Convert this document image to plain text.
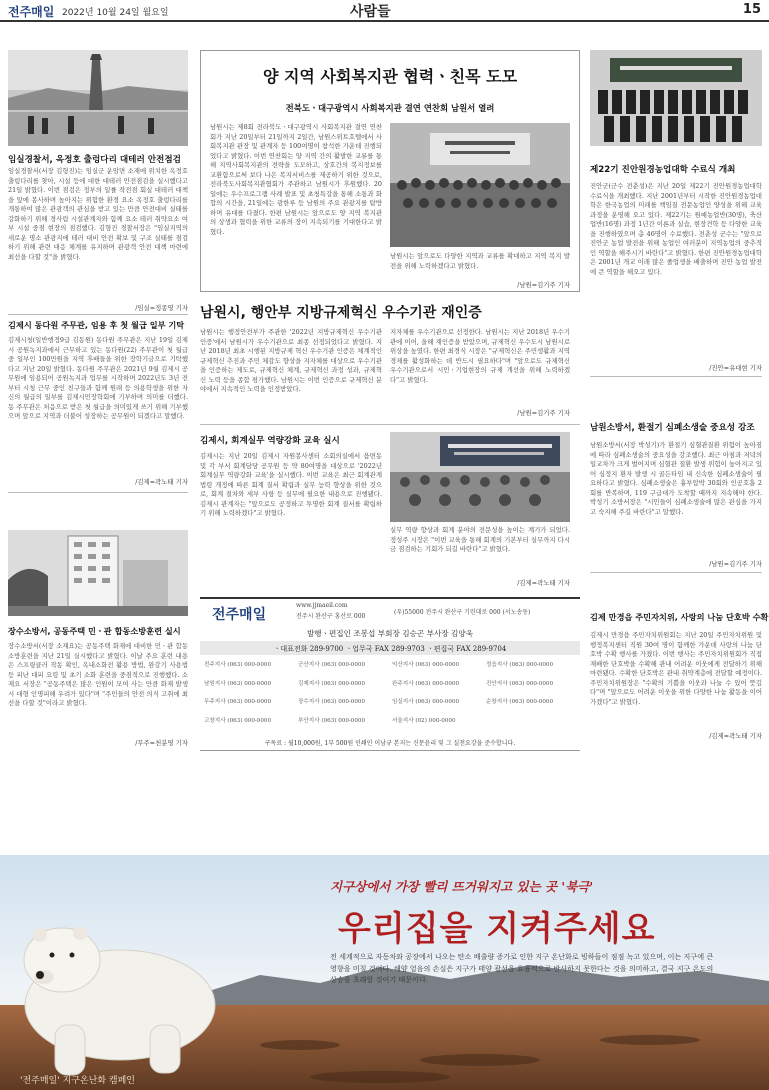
전주매일 2022년 10월 24일 월요일	사람들	15
임실경찰서, 옥정호 출렁다리 대테러 안전점검
임실경찰서(서장 김형진)는 임실군 운암면 소재에 위치한 옥정호 출렁다리를 찾아, 시설 등에 대한 대테러 안전점검을 실시했다고 21일 밝혔다. 이번 점검은 정부의 일률 작전점 회실 대테러 대책을 앞에 봉사하며 높아지는 위험한 환경 요소 옥정호 출렁다리를 개통하여 많은 관광객의 관심을 받고 있는 만큼 안전대비 실태를 강화하기 위해 경사림 시설관계자와 함께 요소 테러 취약요소 여부 시설 중점 현장의 점검했다. 김형진 경찰서장은 "임실지역의 새로운 명소 관광지에 테러 대비 안전 확보 및 구조 실태를 점검하기 위해 관련 대응 체계를 유지하며 관광객 안전 대책 마련에 최선을 다할 것"을 밝혔다.
/임실=정종영 기자
김제시 동다원 주무관, 임용 후 첫 월급 일부 기탁
김제시청(일반행정9급 김동원) 동다원 주무관은 지난 19일 김제시 공원녹지과에서 근무하고 있는 동다원(22) 주무관이 첫 월급중 일부인 100만원을 지역 후배들을 위한 장학기금으로 기탁했다고 지난 20일 밝혔다. 동다원 주무관은 2021년 9월 김제시 공무원에 임용되어 공원녹지과 업무를 시작하며 2022년도 3년 전부터 시청 근무 중인 친구들과 함께 원래 등 의용학생을 위한 자신의 월급의 일부를 김제시민장학회에 기부하며 의미를 더했다. 동 주무관은 처음으로 받은 첫 월급을 의미있게 쓰기 위해 기부했으며 앞으로 지역과 더불어 성장하는 공무원이 되겠다고 말했다.
/김제=곽노태 기자
장수소방서, 공동주택 민ㆍ관 합동소방훈련 실시
장수소방서(서장 소재요)는 공동주택 화재에 대비한 민ㆍ관 합동소방훈련을 지난 21일 실시했다고 밝혔다. 이날 주요 훈련 내용은 스프링클러 작동 확인, 옥내소화전 활용 방법, 완강기 사용법 등 피난 대피 요령 및 초기 소화 훈련을 중점적으로 진행했다. 소재요 서장은 "공동주택은 많은 인원이 모여 사는 만큼 화재 발생 시 대형 인명피해 우려가 있다"며 "주민들의 안전 의식 고취에 최선을 다할 것"이라고 밝혔다.
/무주=천분영 기자
양 지역 사회복지관 협력ㆍ친목 도모
전북도ㆍ대구광역시 사회복지관 결연 연찬회 남원서 열려
남원시는 제8회 전라북도ㆍ대구광역시 사회복지관 결연 연찬회가 지난 20일부터 21일까지 2일간, 남원스위트호텔에서 사회복지관 관장 및 관계자 등 100여명이 참석한 가운데 진행되었다고 밝혔다. 이번 연찬회는 양 지역 간의 활발한 교류를 통해 지역사회복지관의 전략을 도모하고, 상호간의 복지정보를 교환함으로써 보다 나은 복지서비스를 제공하기 위한 것으로, 전라북도사회복지관협회가 주관하고 남원시가 후원했다. 20일에는 우수프로그램 사례 발표 및 초청특강을 통해 소통과 화합의 시간을, 21일에는 광한루 등 남원의 주요 관광지를 탐방하며 유대를 다졌다. 한편 남원시는 앞으로도 양 지역 복지관의 상생과 협력을 위한 교류의 장이 지속되기를 기대한다고 밝혔다.
남원시는 앞으로도 다양한 지역과 교류를 확대하고 지역 복지 발전을 위해 노력하겠다고 밝혔다.
/남원=김기주 기자
남원시, 행안부 지방규제혁신 우수기관 재인증
남원시는 행정안전부가 주관한 '2022년 지방규제혁신 우수기관 인증'에서 남원시가 우수기관으로 최종 선정되었다고 밝혔다. 지난 2018년 최초 시행된 지방규제 혁신 우수기관 인증은 체계적인 규제혁신 추진과 주민 체감도 향상을 지자체를 대상으로 우수기관을 인증하는 제도로, 규제혁신 체계, 규제혁신 과정 성과, 규제혁신 노력 등을 종합 평가했다. 남원시는 이번 인증으로 규제혁신 분야에서 지속적인 노력을 인정받았다.
지자체를 우수기관으로 선정한다. 남원시는 지난 2018년 우수기관에 이어, 올해 재인증을 받았으며, 규제혁신 우수도시 남원시로 위상을 높였다. 한편 최경식 시장은 "규제혁신은 주민생활과 지역경제를 활성화하는 데 반드시 필요하다"며 "앞으로도 규제혁신 우수기관으로서 시민ㆍ기업현장의 규제 개선을 위해 노력하겠다"고 밝혔다.
/남원=김기주 기자
김제시, 회계실무 역량강화 교육 실시
김제시는 지난 20일 김제시 자원봉사센터 소회의실에서 읍면동 및 각 부서 회계담당 공무원 등 약 80여명을 대상으로 '2022년 회계실무 역량강화 교육'을 실시했다. 이번 교육은 최근 회계관계 법령 개정에 따른 회계 질서 확립과 실무 능력 향상을 위한 것으로, 회계 절차와 세부 사항 등 실무에 필요한 내용으로 진행됐다. 김제시 관계자는 "앞으로도 공정하고 투명한 회계 질서를 확립하기 위해 노력하겠다"고 밝혔다.
실무 역량 향상과 회계 분야의 전문성을 높이는 계기가 되었다. 정성주 시장은 "이번 교육을 통해 회계의 기본부터 실무까지 다시금 점검하는 기회가 되길 바란다"고 밝혔다.
/김제=곽노태 기자
전주매일
www.jjmaeil.com
전주시 완산구 홍산로 000
(우)55000 전주시 완산구 기린대로 000 (서노송동)
발행ㆍ편집인 조봉섭 부회장 김승곤 부사장 김양욱
ㆍ대표전화 289-9700 ㆍ업무국 FAX 289-9703 ㆍ편집국 FAX 289-9704
전주지사 (063) 000-0000	군산지사 (063) 000-0000	익산지사 (063) 000-0000	정읍지사 (063) 000-0000
남원지사 (063) 000-0000	김제지사 (063) 000-0000	완주지사 (063) 000-0000	진안지사 (063) 000-0000
무주지사 (063) 000-0000	장수지사 (063) 000-0000	임실지사 (063) 000-0000	순창지사 (063) 000-0000
고창지사 (063) 000-0000	부안지사 (063) 000-0000	서울지사 (02) 000-0000
구독료 : 월10,000원, 1부 500원 인쇄인 이남규 본지는 신문윤리 및 그 실천요강을 준수합니다.
제22기 진안원경농업대학 수료식 개최
진안군(군수 전춘성)은 지난 20일 제22기 진안원경농업대학 수료식을 개최했다. 지난 2001년부터 시작한 진안원경농업대학은 한국농업의 미래를 책임질 전문농업인 양성을 위해 교육과정을 운영해 오고 있다. 제22기는 원예농업반(30명), 축산업반(16명) 과정 1년간 이론과 실습, 현장견학 등 다양한 교육을 진행하였으며 총 46명이 수료했다. 전춘성 군수는 "앞으로 진안군 농업 발전을 위해 농업인 여러분이 지역농업의 중추적인 역할을 해주시기 바란다"고 밝혔다. 한편 진안원경농업대학은 2001년 개교 이래 많은 졸업생을 배출하며 진안 농업 발전에 큰 역할을 해오고 있다.
/진안=유대현 기자
남원소방서, 환절기 심폐소생술 중요성 강조
남원소방서(서장 박성기)가 환절기 심혈관질환 위험이 높아짐에 따라 심폐소생술의 중요성을 강조했다. 최근 아침과 저녁의 일교차가 크게 벌어지며 심혈관 질환 발생 위험이 높아지고 있어 심정지 환자 발생 시 골든타임 내 신속한 심폐소생술이 필요하다고 밝혔다. 심폐소생술은 흉부압박 30회와 인공호흡 2회를 반복하며, 119 구급대가 도착할 때까지 지속해야 한다. 박성기 소방서장은 "시민들이 심폐소생술에 많은 관심을 가지고 숙지해 주길 바란다"고 말했다.
/남원=김기주 기자
김제 만경읍 주민자치위, 사랑의 나눔 단호박 수확
김제시 만경읍 주민자치위원회는 지난 20일 주민자치위원 및 행정복지센터 직원 30여 명이 함께한 가운데 사랑의 나눔 단호박 수확 행사를 가졌다. 이번 행사는 주민자치위원회가 직접 재배한 단호박을 수확해 관내 어려운 이웃에게 전달하기 위해 마련됐다. 수확한 단호박은 관내 취약계층에 전달할 예정이다. 주민자치위원장은 "수확의 기쁨을 이웃과 나눌 수 있어 뜻깊다"며 "앞으로도 어려운 이웃을 위한 다양한 나눔 활동을 이어가겠다"고 밝혔다.
/김제=곽노태 기자
지구상에서 가장 빨리 뜨거워지고 있는 곳 '북극'
우리집을 지켜주세요
전 세계적으로 자동차와 공장에서 나오는 탄소 배출량 증가로 인한 지구 온난화로 빙하들이 점점 녹고 있으며, 이는 지구에 큰 영향을 미칠 것이다. 해양 얼음의 손실은 지구가 태양 광선을 효율적으로 반사하지 못한다는 것을 의미하고, 결국 지구 온도의 상승을 초래할 것이기 때문이다.
'전주매일' 지구온난화 캠페인
